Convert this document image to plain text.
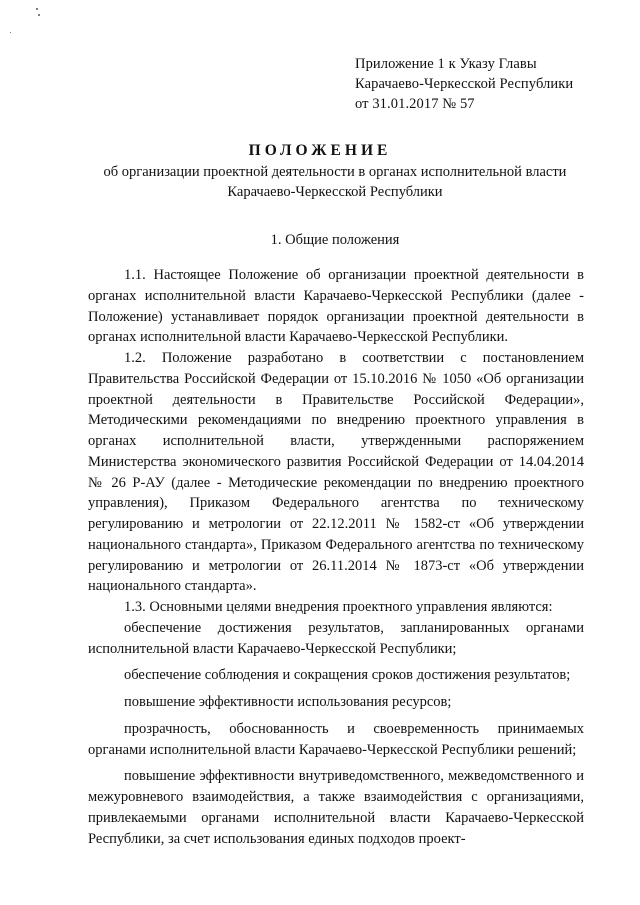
Приложение 1 к Указу Главы
Карачаево-Черкесской Республики
от 31.01.2017 № 57
ПОЛОЖЕНИЕ
об организации проектной деятельности в органах исполнительной власти
Карачаево-Черкесской Республики
1. Общие положения

1.1. Настоящее Положение об организации проектной деятельности в органах исполнительной власти Карачаево-Черкесской Республики (далее - Положение) устанавливает порядок организации проектной деятельности в органах исполнительной власти Карачаево-Черкесской Республики.

1.2. Положение разработано в соответствии с постановлением Правительства Российской Федерации от 15.10.2016 № 1050 «Об организации проектной деятельности в Правительстве Российской Федерации», Методическими рекомендациями по внедрению проектного управления в органах исполнительной власти, утвержденными распоряжением Министерства экономического развития Российской Федерации от 14.04.2014 № 26 Р-АУ (далее - Методические рекомендации по внедрению проектного управления), Приказом Федерального агентства по техническому регулированию и метрологии от 22.12.2011 № 1582-ст «Об утверждении национального стандарта», Приказом Федерального агентства по техническому регулированию и метрологии от 26.11.2014 № 1873-ст «Об утверждении национального стандарта».

1.3. Основными целями внедрения проектного управления являются:

обеспечение достижения результатов, запланированных органами исполнительной власти Карачаево-Черкесской Республики;

обеспечение соблюдения и сокращения сроков достижения результатов;

повышение эффективности использования ресурсов;

прозрачность, обоснованность и своевременность принимаемых органами исполнительной власти Карачаево-Черкесской Республики решений;

повышение эффективности внутриведомственного, межведомственного и межуровневого взаимодействия, а также взаимодействия с организациями, привлекаемыми органами исполнительной власти Карачаево-Черкесской Республики, за счет использования единых подходов проект-
